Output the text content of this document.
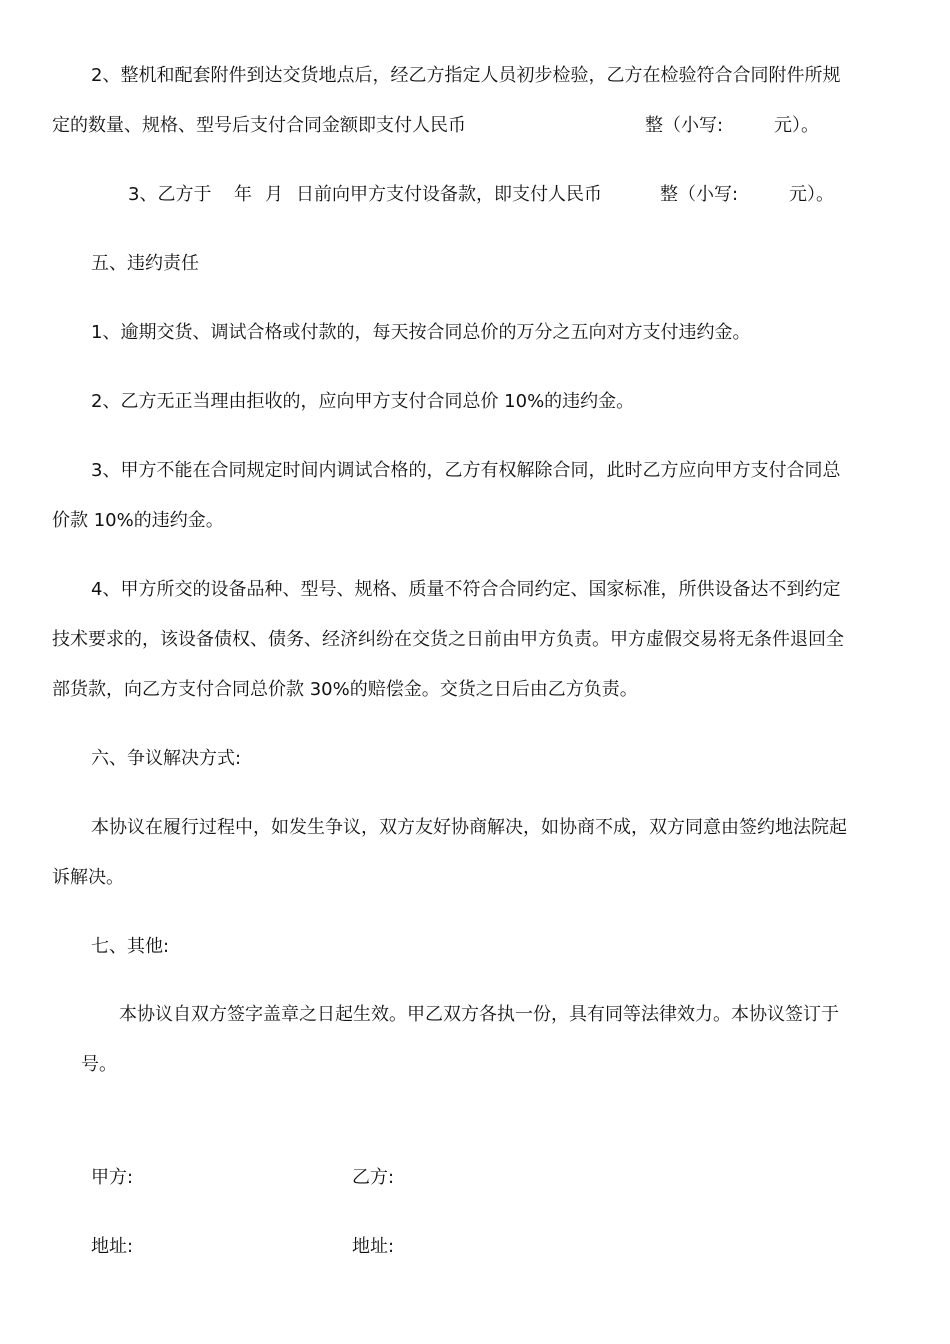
2、整机和配套附件到达交货地点后，经乙方指定人员初步检验，乙方在检验符合合同附件所规
定的数量、规格、型号后支付合同金额即支付人民币	整（小写:	元）。
3、乙方于 年 月 日前向甲方支付设备款，即支付人民币	整（小写:	元）。
五、违约责任
1、逾期交货、调试合格或付款的，每天按合同总价的万分之五向对方支付违约金。
2、乙方无正当理由拒收的，应向甲方支付合同总价 10%的违约金。
3、甲方不能在合同规定时间内调试合格的，乙方有权解除合同，此时乙方应向甲方支付合同总
价款 10%的违约金。
4、甲方所交的设备品种、型号、规格、质量不符合合同约定、国家标准，所供设备达不到约定
技术要求的，该设备债权、债务、经济纠纷在交货之日前由甲方负责。甲方虚假交易将无条件退回全
部货款，向乙方支付合同总价款 30%的赔偿金。交货之日后由乙方负责。
六、争议解决方式:
本协议在履行过程中，如发生争议，双方友好协商解决，如协商不成，双方同意由签约地法院起
诉解决。
七、其他:
本协议自双方签字盖章之日起生效。甲乙双方各执一份，具有同等法律效力。本协议签订于
号。
甲方:	乙方:
地址:	地址:
